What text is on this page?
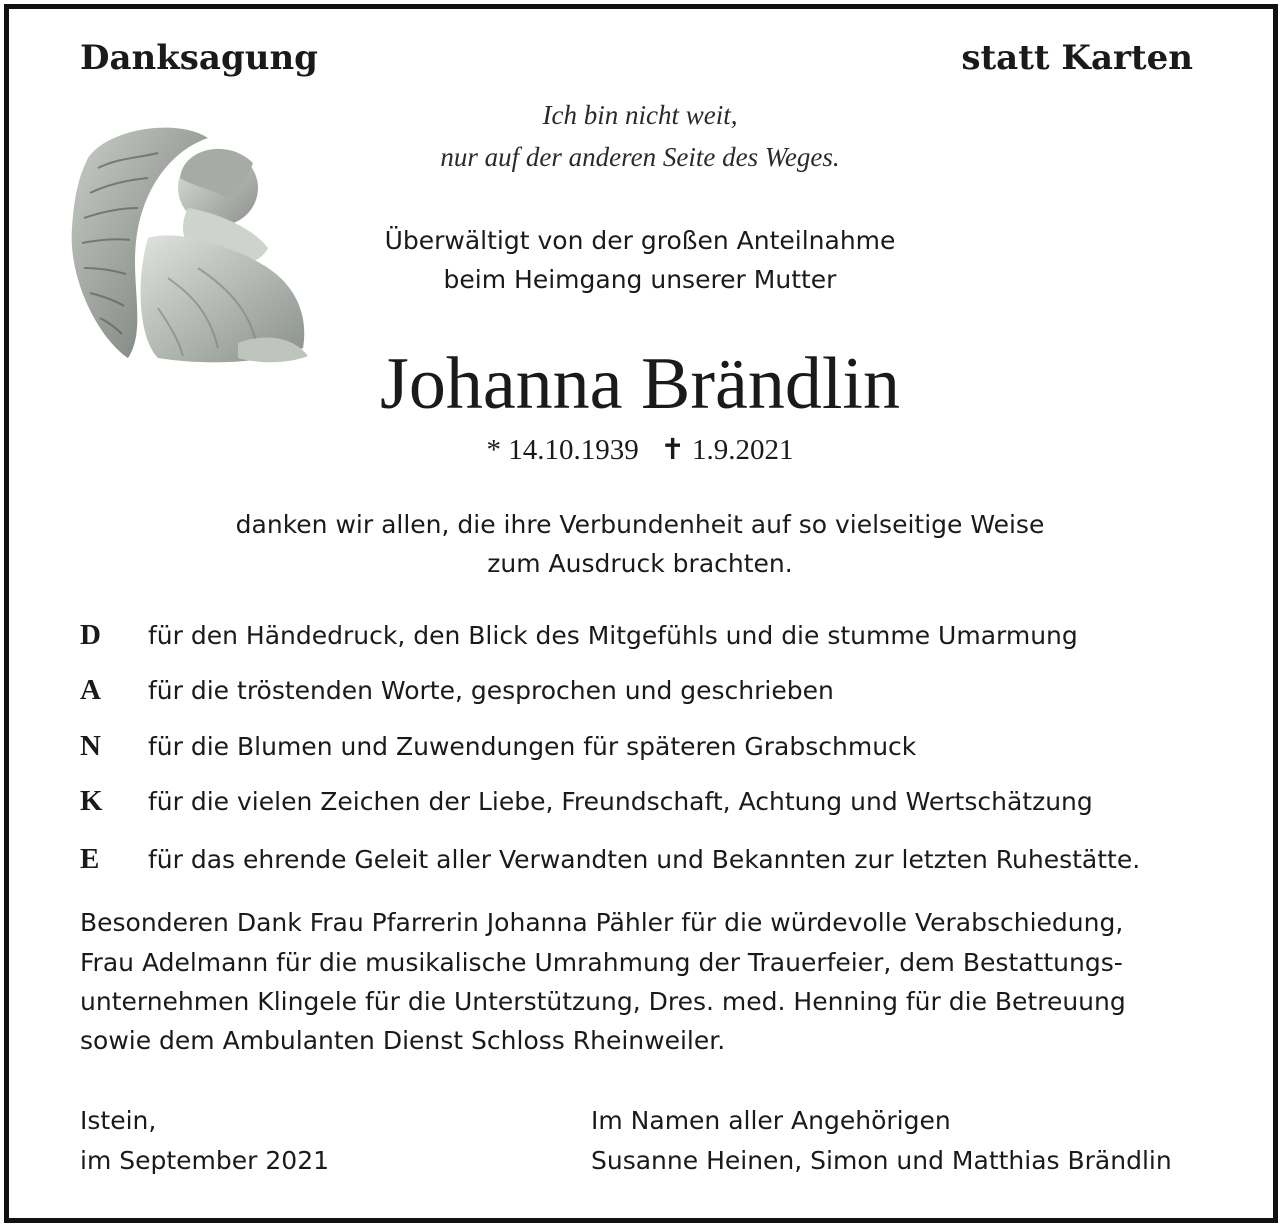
Danksagung	statt Karten
Ich bin nicht weit,
nur auf der anderen Seite des Weges.
Überwältigt von der großen Anteilnahme
beim Heimgang unserer Mutter
Johanna Brändlin
* 14.10.1939   ✝ 1.9.2021
danken wir allen, die ihre Verbundenheit auf so vielseitige Weise
zum Ausdruck brachten.
D für den Händedruck, den Blick des Mitgefühls und die stumme Umarmung
A für die tröstenden Worte, gesprochen und geschrieben
N für die Blumen und Zuwendungen für späteren Grabschmuck
K für die vielen Zeichen der Liebe, Freundschaft, Achtung und Wertschätzung
E für das ehrende Geleit aller Verwandten und Bekannten zur letzten Ruhestätte.
Besonderen Dank Frau Pfarrerin Johanna Pähler für die würdevolle Verabschiedung,
Frau Adelmann für die musikalische Umrahmung der Trauerfeier, dem Bestattungs-
unternehmen Klingele für die Unterstützung, Dres. med. Henning für die Betreuung
sowie dem Ambulanten Dienst Schloss Rheinweiler.
Istein,
im September 2021
Im Namen aller Angehörigen
Susanne Heinen, Simon und Matthias Brändlin
